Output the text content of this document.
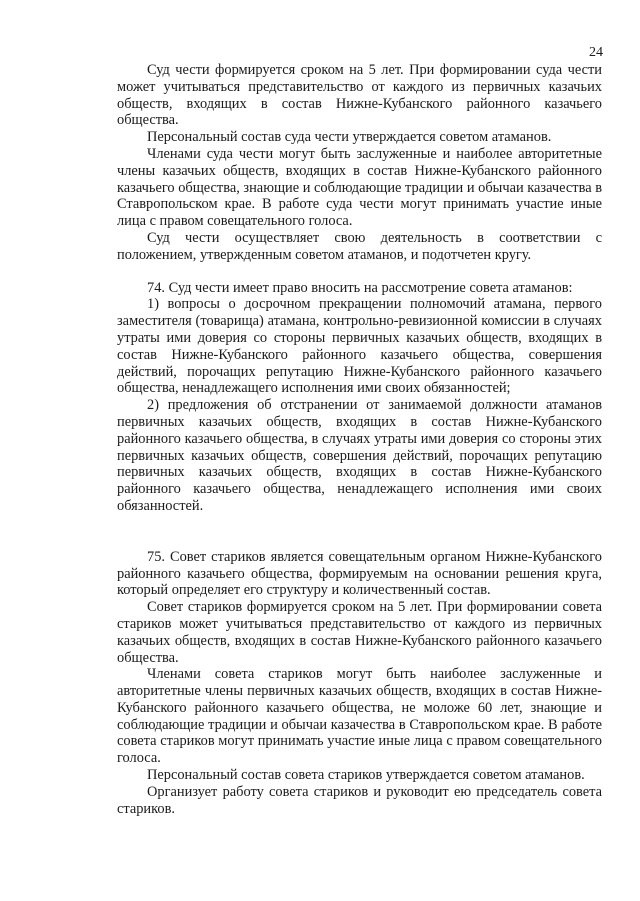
24

Суд чести формируется сроком на 5 лет. При формировании суда чести может учитываться представительство от каждого из первичных казачьих обществ, входящих в состав Нижне-Кубанского районного казачьего общества.

Персональный состав суда чести утверждается советом атаманов.

Членами суда чести могут быть заслуженные и наиболее авторитетные члены казачьих обществ, входящих в состав Нижне-Кубанского районного казачьего общества, знающие и соблюдающие традиции и обычаи казачества в Ставропольском крае. В работе суда чести могут принимать участие иные лица с правом совещательного голоса.

Суд чести осуществляет свою деятельность в соответствии с положением, утвержденным советом атаманов, и подотчетен кругу.

74. Суд чести имеет право вносить на рассмотрение совета атаманов:

1) вопросы о досрочном прекращении полномочий атамана, первого заместителя (товарища) атамана, контрольно-ревизионной комиссии в случаях утраты ими доверия со стороны первичных казачьих обществ, входящих в состав Нижне-Кубанского районного казачьего общества, совершения действий, порочащих репутацию Нижне-Кубанского районного казачьего общества, ненадлежащего исполнения ими своих обязанностей;

2) предложения об отстранении от занимаемой должности атаманов первичных казачьих обществ, входящих в состав Нижне-Кубанского районного казачьего общества, в случаях утраты ими доверия со стороны этих первичных казачьих обществ, совершения действий, порочащих репутацию первичных казачьих обществ, входящих в состав Нижне-Кубанского районного казачьего общества, ненадлежащего исполнения ими своих обязанностей.

75. Совет стариков является совещательным органом Нижне-Кубанского районного казачьего общества, формируемым на основании решения круга, который определяет его структуру и количественный состав.

Совет стариков формируется сроком на 5 лет. При формировании совета стариков может учитываться представительство от каждого из первичных казачьих обществ, входящих в состав Нижне-Кубанского районного казачьего общества.

Членами совета стариков могут быть наиболее заслуженные и авторитетные члены первичных казачьих обществ, входящих в состав Нижне-Кубанского районного казачьего общества, не моложе 60 лет, знающие и соблюдающие традиции и обычаи казачества в Ставропольском крае. В работе совета стариков могут принимать участие иные лица с правом совещательного голоса.

Персональный состав совета стариков утверждается советом атаманов.

Организует работу совета стариков и руководит ею председатель совета стариков.
